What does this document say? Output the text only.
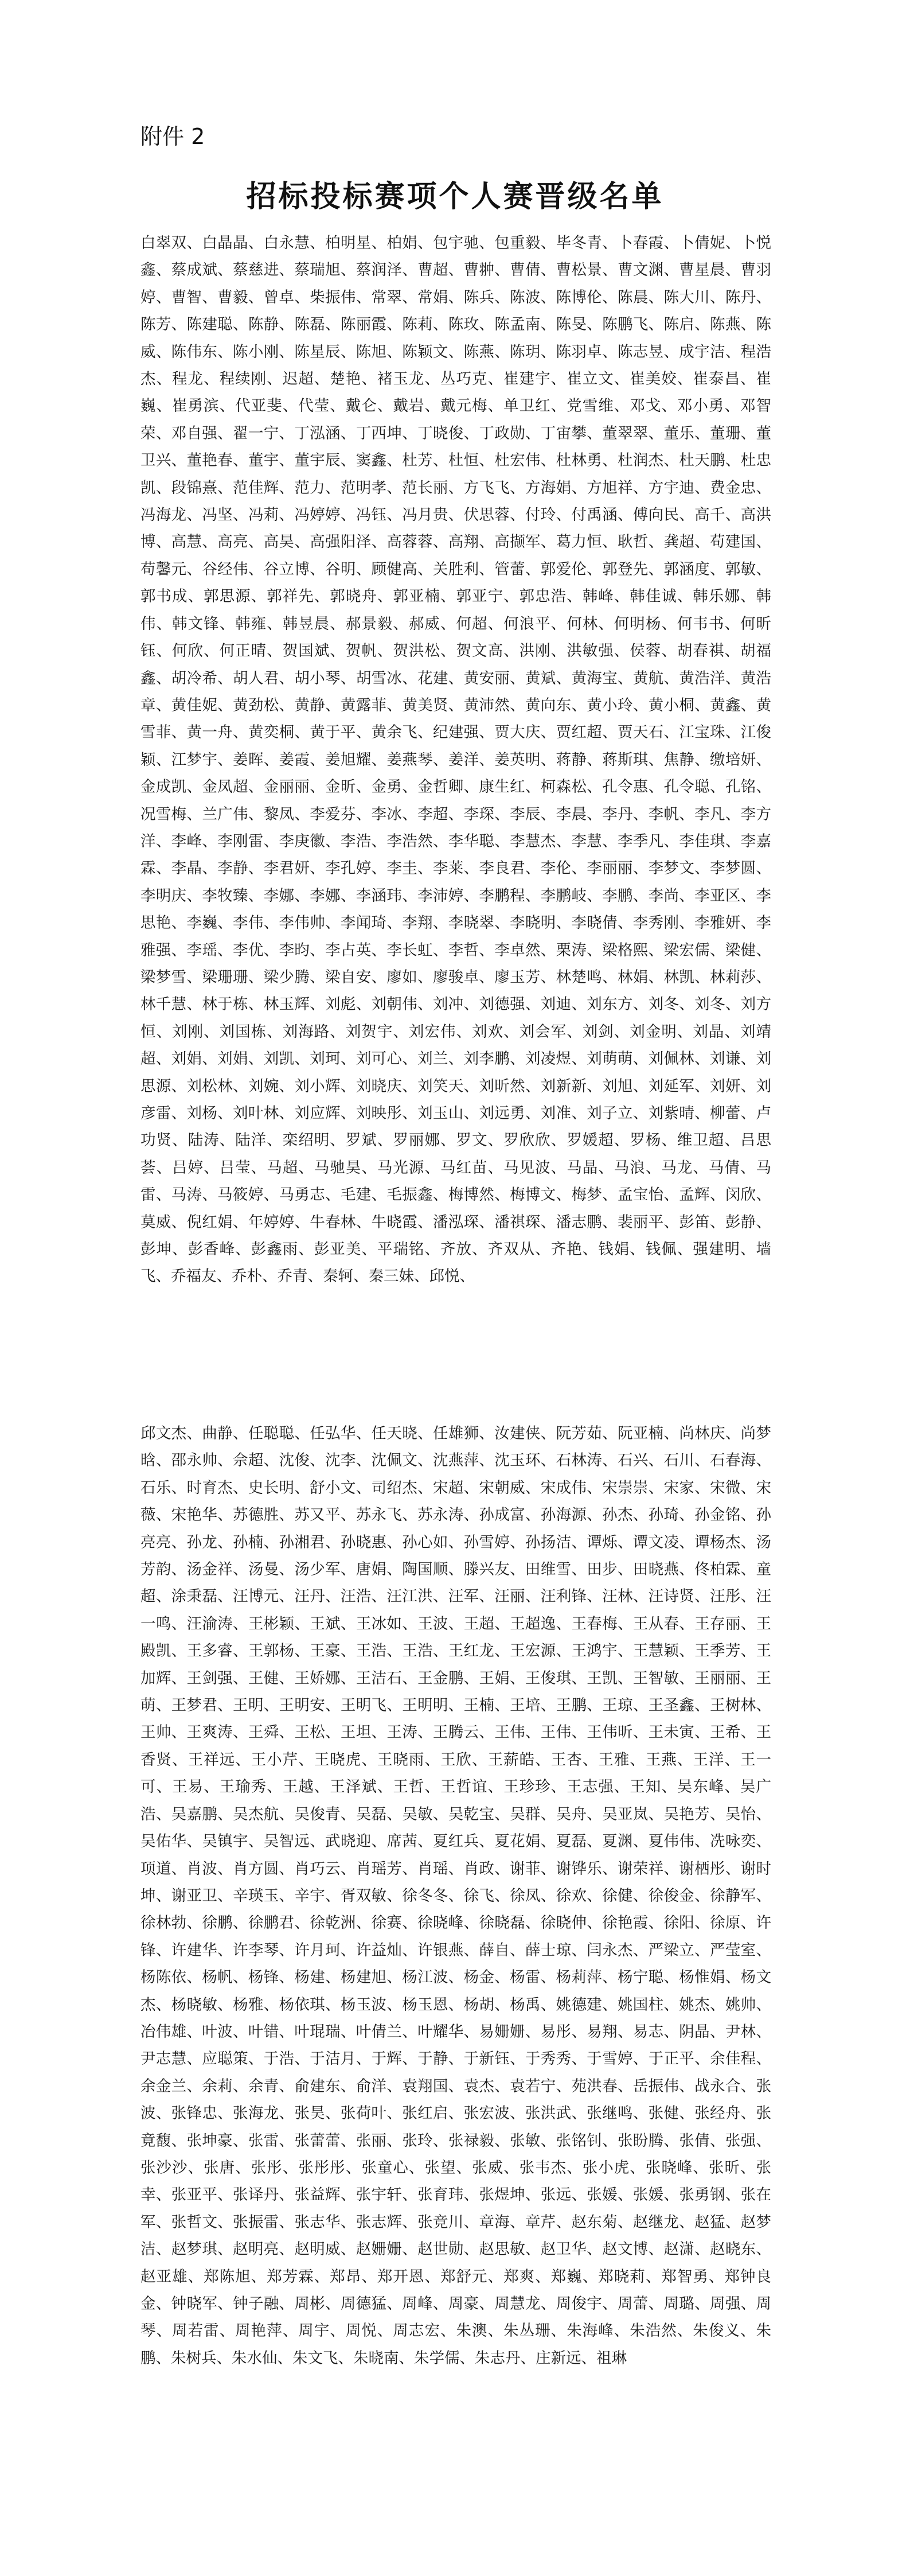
附件 2
招标投标赛项个人赛晋级名单
白翠双、白晶晶、白永慧、柏明星、柏娟、包宇驰、包重毅、毕冬青、卜春霞、卜倩妮、卜悦鑫、蔡成斌、蔡慈进、蔡瑞旭、蔡润泽、曹超、曹翀、曹倩、曹松景、曹文渊、曹星晨、曹羽婷、曹智、曹毅、曾卓、柴振伟、常翠、常娟、陈兵、陈波、陈博伦、陈晨、陈大川、陈丹、陈芳、陈建聪、陈静、陈磊、陈丽霞、陈莉、陈玫、陈孟南、陈旻、陈鹏飞、陈启、陈燕、陈威、陈伟东、陈小刚、陈星辰、陈旭、陈颖文、陈燕、陈玥、陈羽卓、陈志昱、成宇洁、程浩杰、程龙、程续刚、迟超、楚艳、褚玉龙、丛巧克、崔建宇、崔立文、崔美姣、崔泰昌、崔巍、崔勇滨、代亚斐、代莹、戴仑、戴岩、戴元梅、单卫红、党雪维、邓戈、邓小勇、邓智荣、邓自强、翟一宁、丁泓涵、丁西坤、丁晓俊、丁政勋、丁宙攀、董翠翠、董乐、董珊、董卫兴、董艳春、董宇、董宇辰、窦鑫、杜芳、杜恒、杜宏伟、杜林勇、杜润杰、杜天鹏、杜忠凯、段锦熹、范佳辉、范力、范明孝、范长丽、方飞飞、方海娟、方旭祥、方宇迪、费金忠、冯海龙、冯坚、冯莉、冯婷婷、冯钰、冯月贵、伏思蓉、付玲、付禹涵、傅向民、高千、高洪博、高慧、高亮、高昊、高强阳泽、高蓉蓉、高翔、高撷军、葛力恒、耿哲、龚超、苟建国、苟馨元、谷经伟、谷立博、谷明、顾健高、关胜利、管蕾、郭爱伦、郭登先、郭涵度、郭敏、郭书成、郭思源、郭祥先、郭晓舟、郭亚楠、郭亚宁、郭忠浩、韩峰、韩佳诚、韩乐娜、韩伟、韩文锋、韩雍、韩昱晨、郝景毅、郝威、何超、何浪平、何林、何明杨、何韦书、何昕钰、何欣、何正晴、贺国斌、贺帆、贺洪松、贺文高、洪刚、洪敏强、侯蓉、胡春祺、胡福鑫、胡冷希、胡人君、胡小琴、胡雪冰、花建、黄安丽、黄斌、黄海宝、黄航、黄浩洋、黄浩章、黄佳妮、黄劲松、黄静、黄露菲、黄美贤、黄沛然、黄向东、黄小玲、黄小桐、黄鑫、黄雪菲、黄一舟、黄奕桐、黄于平、黄余飞、纪建强、贾大庆、贾红超、贾天石、江宝珠、江俊颖、江梦宇、姜晖、姜霞、姜旭耀、姜燕琴、姜洋、姜英明、蒋静、蒋斯琪、焦静、缴培妍、金成凯、金凤超、金丽丽、金昕、金勇、金哲卿、康生红、柯森松、孔令惠、孔令聪、孔铭、况雪梅、兰广伟、黎凤、李爱芬、李冰、李超、李琛、李辰、李晨、李丹、李帆、李凡、李方洋、李峰、李刚雷、李庚徽、李浩、李浩然、李华聪、李慧杰、李慧、李季凡、李佳琪、李嘉霖、李晶、李静、李君妍、李孔婷、李圭、李莱、李良君、李伦、李丽丽、李梦文、李梦圆、李明庆、李牧臻、李娜、李娜、李涵玮、李沛婷、李鹏程、李鹏岐、李鹏、李尚、李亚区、李思艳、李巍、李伟、李伟帅、李闻琦、李翔、李晓翠、李晓明、李晓倩、李秀刚、李雅妍、李雅强、李瑶、李优、李昀、李占英、李长虹、李哲、李卓然、栗涛、梁格熙、梁宏儒、梁健、梁梦雪、梁珊珊、梁少腾、梁自安、廖如、廖骏卓、廖玉芳、林楚鸣、林娟、林凯、林莉莎、林千慧、林于栋、林玉辉、刘彪、刘朝伟、刘冲、刘德强、刘迪、刘东方、刘冬、刘冬、刘方恒、刘刚、刘国栋、刘海路、刘贺宇、刘宏伟、刘欢、刘会军、刘剑、刘金明、刘晶、刘靖超、刘娟、刘娟、刘凯、刘珂、刘可心、刘兰、刘李鹏、刘凌煜、刘萌萌、刘佩林、刘谦、刘思源、刘松林、刘婉、刘小辉、刘晓庆、刘笑天、刘昕然、刘新新、刘旭、刘延军、刘妍、刘彦雷、刘杨、刘叶林、刘应辉、刘映彤、刘玉山、刘远勇、刘准、刘子立、刘紫晴、柳蕾、卢功贤、陆涛、陆洋、栾绍明、罗斌、罗丽娜、罗文、罗欣欣、罗媛超、罗杨、维卫超、吕思荟、吕婷、吕莹、马超、马驰昊、马光源、马红苗、马见波、马晶、马浪、马龙、马倩、马雷、马涛、马筱婷、马勇志、毛建、毛振鑫、梅博然、梅博文、梅梦、孟宝怡、孟辉、闵欣、莫威、倪红娟、年婷婷、牛春林、牛晓霞、潘泓琛、潘祺琛、潘志鹏、裴丽平、彭笛、彭静、彭坤、彭香峰、彭鑫雨、彭亚美、平瑞铭、齐放、齐双从、齐艳、钱娟、钱佩、强建明、墙飞、乔福友、乔朴、乔青、秦轲、秦三妹、邱悦、
邱文杰、曲静、任聪聪、任弘华、任天晓、任雄狮、汝建侠、阮芳茹、阮亚楠、尚林庆、尚梦晗、邵永帅、佘超、沈俊、沈李、沈佩文、沈燕萍、沈玉环、石林涛、石兴、石川、石春海、石乐、时育杰、史长明、舒小文、司绍杰、宋超、宋朝威、宋成伟、宋崇崇、宋家、宋微、宋薇、宋艳华、苏德胜、苏又平、苏永飞、苏永涛、孙成富、孙海源、孙杰、孙琦、孙金铭、孙亮亮、孙龙、孙楠、孙湘君、孙晓惠、孙心如、孙雪婷、孙扬洁、谭烁、谭文凌、谭杨杰、汤芳韵、汤金祥、汤曼、汤少军、唐娟、陶国顺、滕兴友、田维雪、田步、田晓燕、佟柏霖、童超、涂秉磊、汪博元、汪丹、汪浩、汪江洪、汪军、汪丽、汪利锋、汪林、汪诗贤、汪彤、汪一鸣、汪渝涛、王彬颖、王斌、王冰如、王波、王超、王超逸、王春梅、王从春、王存丽、王殿凯、王多睿、王郭杨、王豪、王浩、王浩、王红龙、王宏源、王鸿宇、王慧颖、王季芳、王加辉、王剑强、王健、王娇娜、王洁石、王金鹏、王娟、王俊琪、王凯、王智敏、王丽丽、王萌、王梦君、王明、王明安、王明飞、王明明、王楠、王培、王鹏、王琼、王圣鑫、王树林、王帅、王爽涛、王舜、王松、王坦、王涛、王腾云、王伟、王伟、王伟昕、王未寅、王希、王香贤、王祥远、王小芹、王晓虎、王晓雨、王欣、王薪皓、王杏、王雅、王燕、王洋、王一可、王易、王瑜秀、王越、王泽斌、王哲、王哲谊、王珍珍、王志强、王知、吴东峰、吴广浩、吴嘉鹏、吴杰航、吴俊青、吴磊、吴敏、吴乾宝、吴群、吴舟、吴亚岚、吴艳芳、吴怡、吴佑华、吴镇宇、吴智远、武晓迎、席茜、夏红兵、夏花娟、夏磊、夏渊、夏伟伟、冼咏奕、项道、肖波、肖方圆、肖巧云、肖瑶芳、肖瑶、肖政、谢菲、谢铧乐、谢荣祥、谢栖彤、谢时坤、谢亚卫、辛瑛玉、辛宇、胥双敏、徐冬冬、徐飞、徐凤、徐欢、徐健、徐俊金、徐静军、徐林勃、徐鹏、徐鹏君、徐乾洲、徐赛、徐晓峰、徐晓磊、徐晓伸、徐艳霞、徐阳、徐原、许锋、许建华、许李琴、许月珂、许益灿、许银燕、薛自、薛士琼、闫永杰、严梁立、严莹室、杨陈依、杨帆、杨锋、杨建、杨建旭、杨江波、杨金、杨雷、杨莉萍、杨宁聪、杨惟娟、杨文杰、杨晓敏、杨雅、杨依琪、杨玉波、杨玉恩、杨胡、杨禹、姚德建、姚国柱、姚杰、姚帅、冶伟雄、叶波、叶错、叶琨瑞、叶倩兰、叶耀华、易姗姗、易彤、易翔、易志、阴晶、尹林、尹志慧、应聪策、于浩、于洁月、于辉、于静、于新钰、于秀秀、于雪婷、于正平、余佳程、余金兰、余莉、余青、俞建东、俞洋、袁翔国、袁杰、袁若宁、苑洪春、岳振伟、战永合、张波、张锋忠、张海龙、张昊、张荷叶、张红启、张宏波、张洪武、张继鸣、张健、张经舟、张竟馥、张坤豪、张雷、张蕾蕾、张丽、张玲、张禄毅、张敏、张铭钊、张盼腾、张倩、张强、张沙沙、张唐、张彤、张彤彤、张童心、张望、张威、张韦杰、张小虎、张晓峰、张昕、张幸、张亚平、张译丹、张益辉、张宇轩、张育玮、张煜坤、张远、张媛、张媛、张勇钢、张在军、张哲文、张振雷、张志华、张志辉、张竞川、章海、章芹、赵东菊、赵继龙、赵猛、赵梦洁、赵梦琪、赵明亮、赵明威、赵姗姗、赵世勋、赵思敏、赵卫华、赵文博、赵潇、赵晓东、赵亚雄、郑陈旭、郑芳霖、郑昂、郑开恩、郑舒元、郑爽、郑巍、郑晓莉、郑智勇、郑钟良金、钟晓军、钟子融、周彬、周德猛、周峰、周豪、周慧龙、周俊宇、周蕾、周璐、周强、周琴、周若雷、周艳萍、周宇、周悦、周志宏、朱澳、朱丛珊、朱海峰、朱浩然、朱俊义、朱鹏、朱树兵、朱水仙、朱文飞、朱晓南、朱学儒、朱志丹、庄新远、祖琳
